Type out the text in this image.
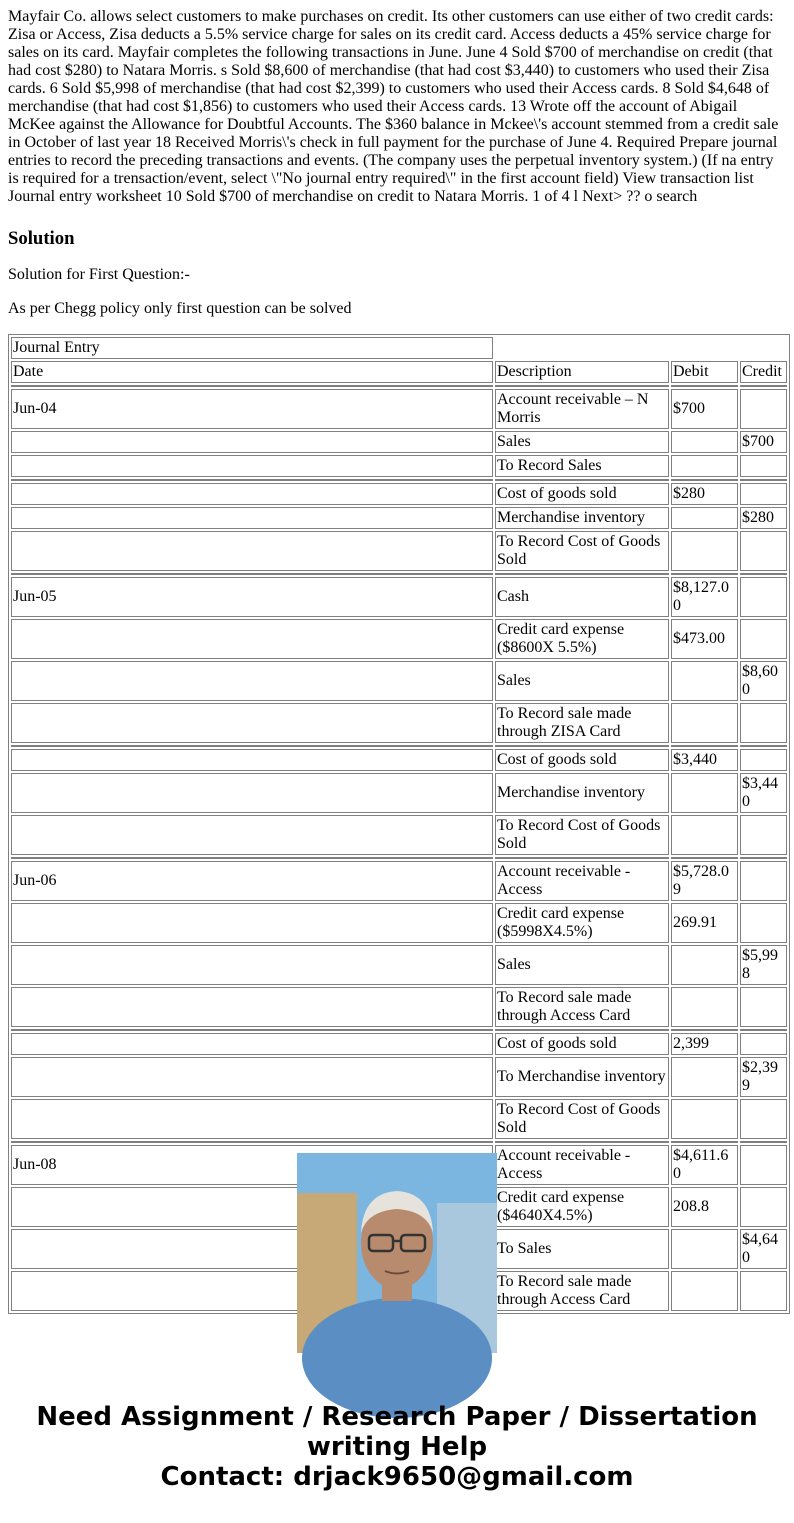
Mayfair Co. allows select customers to make purchases on credit. Its other customers can use either of two credit cards: Zisa or Access, Zisa deducts a 5.5% service charge for sales on its credit card. Access deducts a 45% service charge for sales on its card. Mayfair completes the following transactions in June. June 4 Sold $700 of merchandise on credit (that had cost $280) to Natara Morris. s Sold $8,600 of merchandise (that had cost $3,440) to customers who used their Zisa cards. 6 Sold $5,998 of merchandise (that had cost $2,399) to customers who used their Access cards. 8 Sold $4,648 of merchandise (that had cost $1,856) to customers who used their Access cards. 13 Wrote off the account of Abigail McKee against the Allowance for Doubtful Accounts. The $360 balance in Mckee\'s account stemmed from a credit sale in October of last year 18 Received Morris\'s check in full payment for the purchase of June 4. Required Prepare journal entries to record the preceding transactions and events. (The company uses the perpetual inventory system.) (If na entry is required for a trensaction/event, select \"No journal entry required\" in the first account field) View transaction list Journal entry worksheet 10 Sold $700 of merchandise on credit to Natara Morris. 1 of 4 l Next> ?? o search

Solution

Solution for First Question:-

As per Chegg policy only first question can be solved

Journal Entry			
Date	Description	Debit	Credit

Jun-04	Account receivable – N Morris	$700	
	Sales		$700
	To Record Sales		

	Cost of goods sold	$280	
	Merchandise inventory		$280
	To Record Cost of Goods Sold		

Jun-05	Cash	$8,127.00	
	Credit card expense ($8600X 5.5%)	$473.00	
	Sales		$8,600
	To Record sale made through ZISA Card		

	Cost of goods sold	$3,440	
	Merchandise inventory		$3,440
	To Record Cost of Goods Sold		

Jun-06	Account receivable - Access	$5,728.09	
	Credit card expense ($5998X4.5%)	269.91	
	Sales		$5,998
	To Record sale made through Access Card		

	Cost of goods sold	2,399	
	To Merchandise inventory		$2,399
	To Record Cost of Goods Sold		

Jun-08	Account receivable - Access	$4,611.60	
	Credit card expense ($4640X4.5%)	208.8	
	To Sales		$4,640
	To Record sale made through Access Card		
Need Assignment / Research Paper / Dissertation
writing Help
Contact: drjack9650@gmail.com
